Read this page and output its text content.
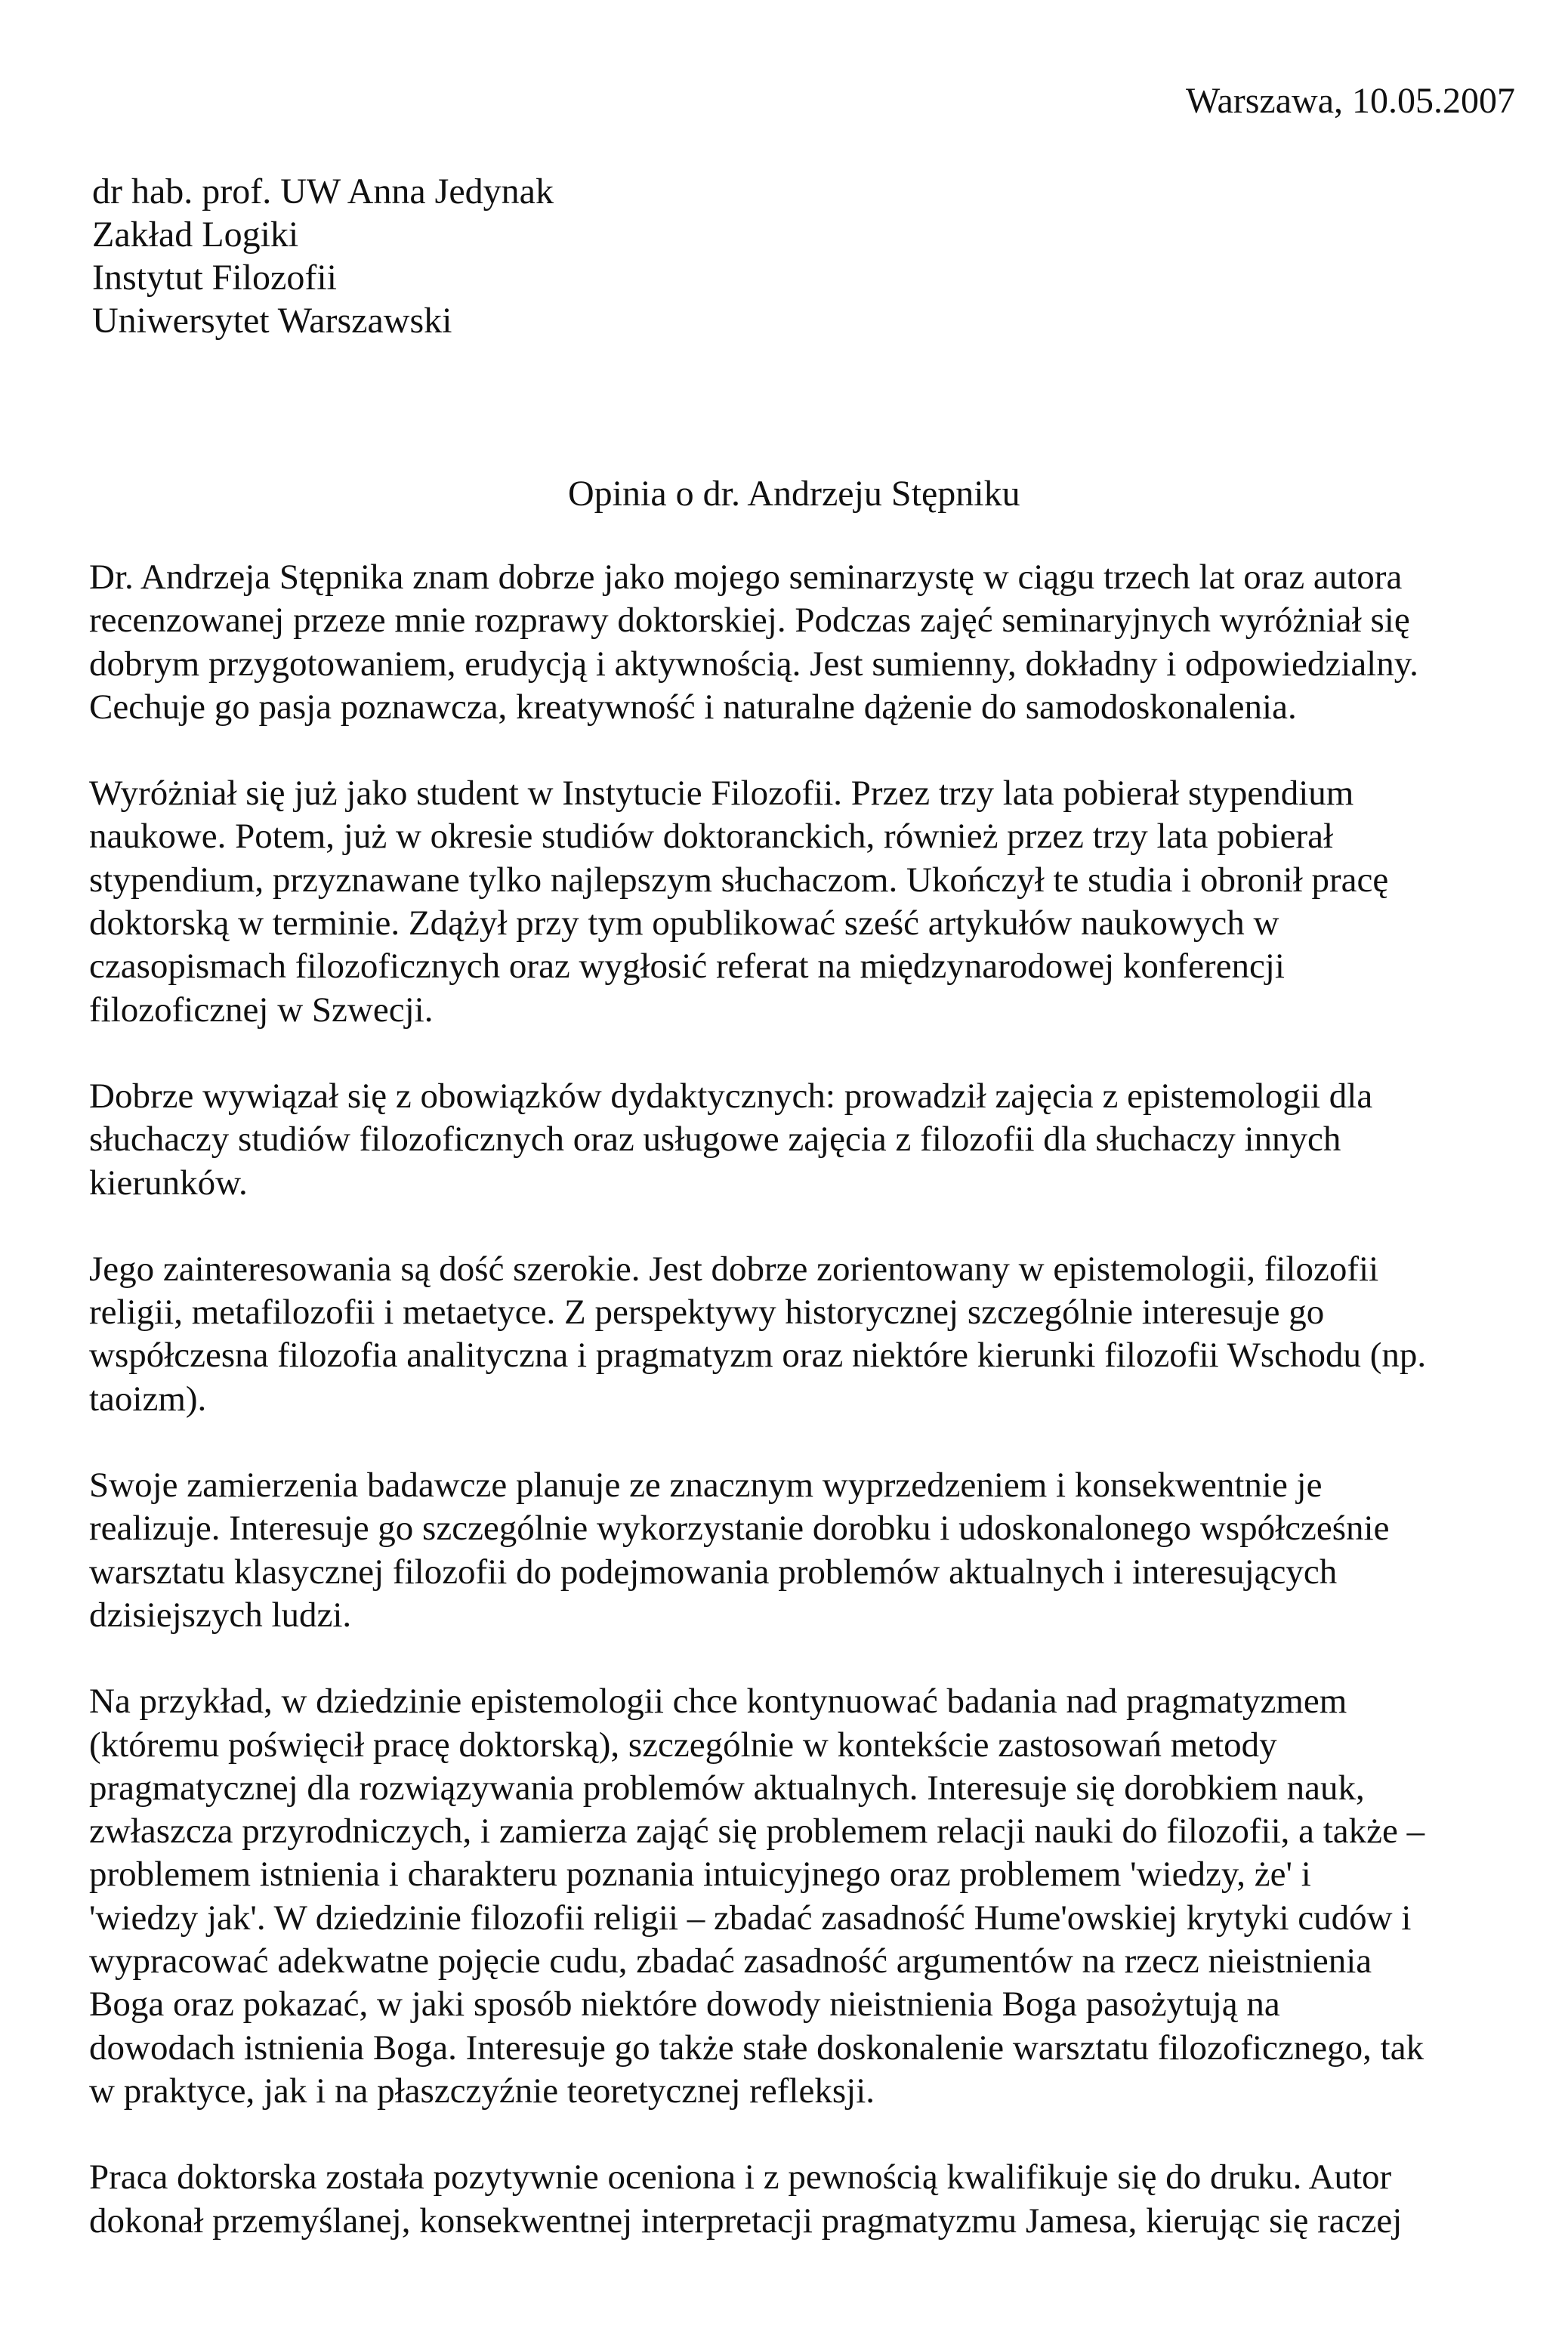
Warszawa, 10.05.2007
dr hab. prof. UW Anna Jedynak
Zakład Logiki
Instytut Filozofii
Uniwersytet Warszawski
Opinia o dr. Andrzeju Stępniku
Dr. Andrzeja Stępnika znam dobrze jako mojego seminarzystę w ciągu trzech lat oraz autora
recenzowanej przeze mnie rozprawy doktorskiej. Podczas zajęć seminaryjnych wyróżniał się
dobrym przygotowaniem, erudycją i aktywnością. Jest sumienny, dokładny i odpowiedzialny.
Cechuje go pasja poznawcza, kreatywność i naturalne dążenie do samodoskonalenia.
Wyróżniał się już jako student w Instytucie Filozofii. Przez trzy lata pobierał stypendium
naukowe. Potem, już w okresie studiów doktoranckich, również przez trzy lata pobierał
stypendium, przyznawane tylko najlepszym słuchaczom. Ukończył te studia i obronił pracę
doktorską w terminie. Zdążył przy tym opublikować sześć artykułów naukowych w
czasopismach filozoficznych oraz wygłosić referat na międzynarodowej konferencji
filozoficznej w Szwecji.
Dobrze wywiązał się z obowiązków dydaktycznych: prowadził zajęcia z epistemologii dla
słuchaczy studiów filozoficznych oraz usługowe zajęcia z filozofii dla słuchaczy innych
kierunków.
Jego zainteresowania są dość szerokie. Jest dobrze zorientowany w epistemologii, filozofii
religii, metafilozofii i metaetyce. Z perspektywy historycznej szczególnie interesuje go
współczesna filozofia analityczna i pragmatyzm oraz niektóre kierunki filozofii Wschodu (np.
taoizm).
Swoje zamierzenia badawcze planuje ze znacznym wyprzedzeniem i konsekwentnie je
realizuje. Interesuje go szczególnie wykorzystanie dorobku i udoskonalonego współcześnie
warsztatu klasycznej filozofii do podejmowania problemów aktualnych i interesujących
dzisiejszych ludzi.
Na przykład, w dziedzinie epistemologii chce kontynuować badania nad pragmatyzmem
(któremu poświęcił pracę doktorską), szczególnie w kontekście zastosowań metody
pragmatycznej dla rozwiązywania problemów aktualnych. Interesuje się dorobkiem nauk,
zwłaszcza przyrodniczych, i zamierza zająć się problemem relacji nauki do filozofii, a także –
problemem istnienia i charakteru poznania intuicyjnego oraz problemem 'wiedzy, że' i
'wiedzy jak'. W dziedzinie filozofii religii – zbadać zasadność Hume'owskiej krytyki cudów i
wypracować adekwatne pojęcie cudu, zbadać zasadność argumentów na rzecz nieistnienia
Boga oraz pokazać, w jaki sposób niektóre dowody nieistnienia Boga pasożytują na
dowodach istnienia Boga. Interesuje go także stałe doskonalenie warsztatu filozoficznego, tak
w praktyce, jak i na płaszczyźnie teoretycznej refleksji.
Praca doktorska została pozytywnie oceniona i z pewnością kwalifikuje się do druku. Autor
dokonał przemyślanej, konsekwentnej interpretacji pragmatyzmu Jamesa, kierując się raczej
